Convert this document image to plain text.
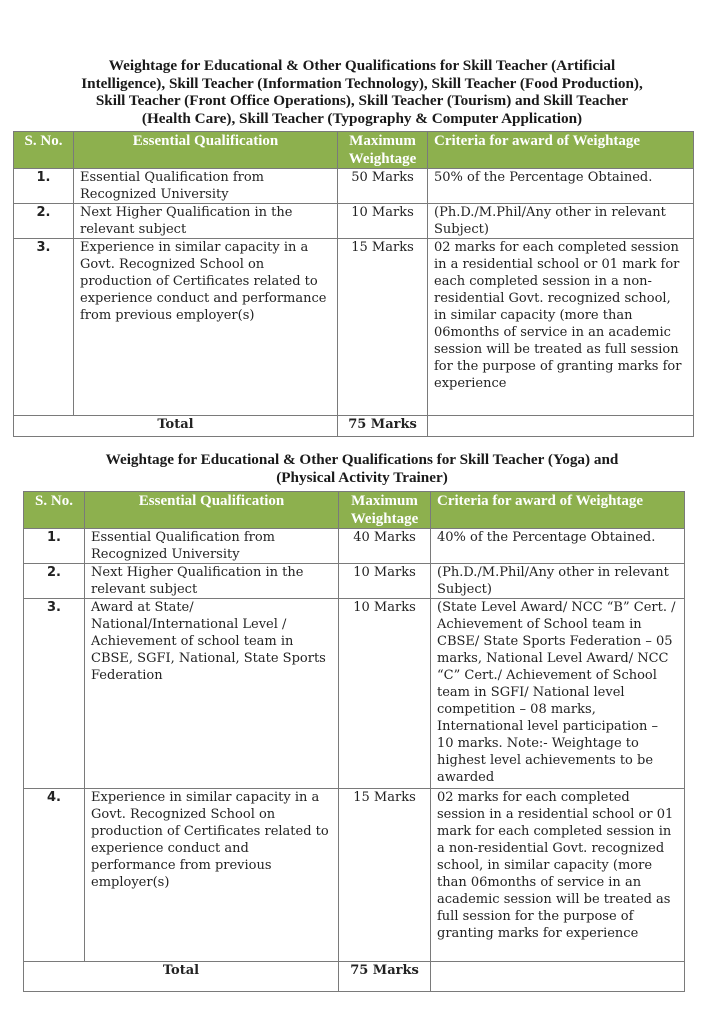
Weightage for Educational & Other Qualifications for Skill Teacher (Artificial
Intelligence), Skill Teacher (Information Technology), Skill Teacher (Food Production),
Skill Teacher (Front Office Operations), Skill Teacher (Tourism) and Skill Teacher
(Health Care), Skill Teacher (Typography & Computer Application)
S. No.	Essential Qualification	Maximum Weightage	Criteria for award of Weightage
1.	Essential Qualification from Recognized University	50 Marks	50% of the Percentage Obtained.
2.	Next Higher Qualification in the relevant subject	10 Marks	(Ph.D./M.Phil/Any other in relevant Subject)
3.	Experience in similar capacity in a Govt. Recognized School on production of Certificates related to experience conduct and performance from previous employer(s)	15 Marks	02 marks for each completed session in a residential school or 01 mark for each completed session in a non-residential Govt. recognized school, in similar capacity (more than 06months of service in an academic session will be treated as full session for the purpose of granting marks for experience
Total		75 Marks	
Weightage for Educational & Other Qualifications for Skill Teacher (Yoga) and
(Physical Activity Trainer)
S. No.	Essential Qualification	Maximum Weightage	Criteria for award of Weightage
1.	Essential Qualification from Recognized University	40 Marks	40% of the Percentage Obtained.
2.	Next Higher Qualification in the relevant subject	10 Marks	(Ph.D./M.Phil/Any other in relevant Subject)
3.	Award at State/ National/International Level / Achievement of school team in CBSE, SGFI, National, State Sports Federation	10 Marks	(State Level Award/ NCC “B” Cert. / Achievement of School team in CBSE/ State Sports Federation – 05 marks, National Level Award/ NCC “C” Cert./ Achievement of School team in SGFI/ National level competition – 08 marks, International level participation – 10 marks. Note:- Weightage to highest level achievements to be awarded
4.	Experience in similar capacity in a Govt. Recognized School on production of Certificates related to experience conduct and performance from previous employer(s)	15 Marks	02 marks for each completed session in a residential school or 01 mark for each completed session in a non-residential Govt. recognized school, in similar capacity (more than 06months of service in an academic session will be treated as full session for the purpose of granting marks for experience
Total		75 Marks	
